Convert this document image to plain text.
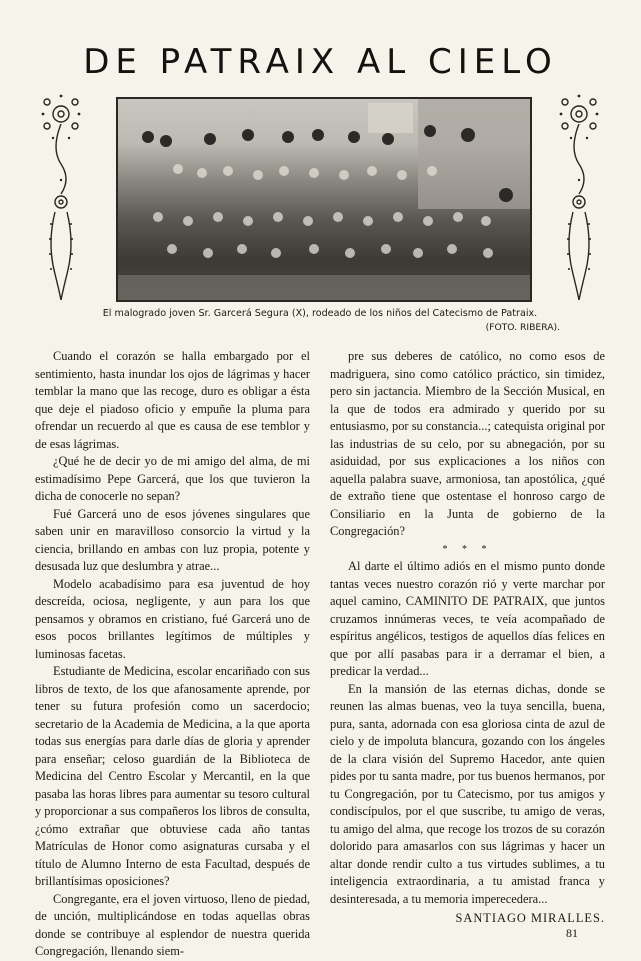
DE PATRAIX AL CIELO
El malogrado joven Sr. Garcerá Segura (X), rodeado de los niños del Catecismo de Patraix.
(FOTO. RIBERA).

Cuando el corazón se halla embargado por el sentimiento, hasta inundar los ojos de lágrimas y hacer temblar la mano que las recoge, duro es obligar a ésta que deje el piadoso oficio y empuñe la pluma para ofrendar un recuerdo al que es causa de ese temblor y de esas lágrimas.

¿Qué he de decir yo de mi amigo del alma, de mi estimadísimo Pepe Garcerá, que los que tuvieron la dicha de conocerle no sepan?

Fué Garcerá uno de esos jóvenes singulares que saben unir en maravilloso consorcio la virtud y la ciencia, brillando en ambas con luz propia, potente y desusada luz que deslumbra y atrae...

Modelo acabadísimo para esa juventud de hoy descreída, ociosa, negligente, y aun para los que pensamos y obramos en cristiano, fué Garcerá uno de esos pocos brillantes legítimos de múltiples y luminosas facetas.

Estudiante de Medicina, escolar encariñado con sus libros de texto, de los que afanosamente aprende, por tener su futura profesión como un sacerdocio; secretario de la Academia de Medicina, a la que aporta todas sus energías para darle días de gloria y aprender para enseñar; celoso guardián de la Biblioteca de Medicina del Centro Escolar y Mercantil, en la que pasaba las horas libres para aumentar su tesoro cultural y proporcionar a sus compañeros los libros de consulta, ¿cómo extrañar que obtuviese cada año tantas Matrículas de Honor como asignaturas cursaba y el título de Alumno Interno de esta Facultad, después de brillantísimas oposiciones?

Congregante, era el joven virtuoso, lleno de piedad, de unción, multiplicándose en todas aquellas obras donde se contribuye al esplendor de nuestra querida Congregación, llenando siem-

pre sus deberes de católico, no como esos de madriguera, sino como católico práctico, sin timidez, pero sin jactancia. Miembro de la Sección Musical, en la que de todos era admirado y querido por su entusiasmo, por su constancia...; catequista original por las industrias de su celo, por su abnegación, por su asiduidad, por sus explicaciones a los niños con aquella palabra suave, armoniosa, tan apostólica, ¿qué de extraño tiene que ostentase el honroso cargo de Consiliario en la Junta de gobierno de la Congregación?

* * *

Al darte el último adiós en el mismo punto donde tantas veces nuestro corazón rió y verte marchar por aquel camino, CAMINITO DE PATRAIX, que juntos cruzamos innúmeras veces, te veía acompañado de espíritus angélicos, testigos de aquellos días felices en que por allí pasabas para ir a derramar el bien, a predicar la verdad...

En la mansión de las eternas dichas, donde se reunen las almas buenas, veo la tuya sencilla, buena, pura, santa, adornada con esa gloriosa cinta de azul de cielo y de impoluta blancura, gozando con los ángeles de la clara visión del Supremo Hacedor, ante quien pides por tu santa madre, por tus buenos hermanos, por tu Congregación, por tu Catecismo, por tus amigos y condiscípulos, por el que suscribe, tu amigo de veras, tu amigo del alma, que recoge los trozos de su corazón dolorido para amasarlos con sus lágrimas y hacer un altar donde rendir culto a tus virtudes sublimes, a tu inteligencia extraordinaria, a tu amistad franca y desinteresada, a tu memoria imperecedera...

SANTIAGO MIRALLES.
81
